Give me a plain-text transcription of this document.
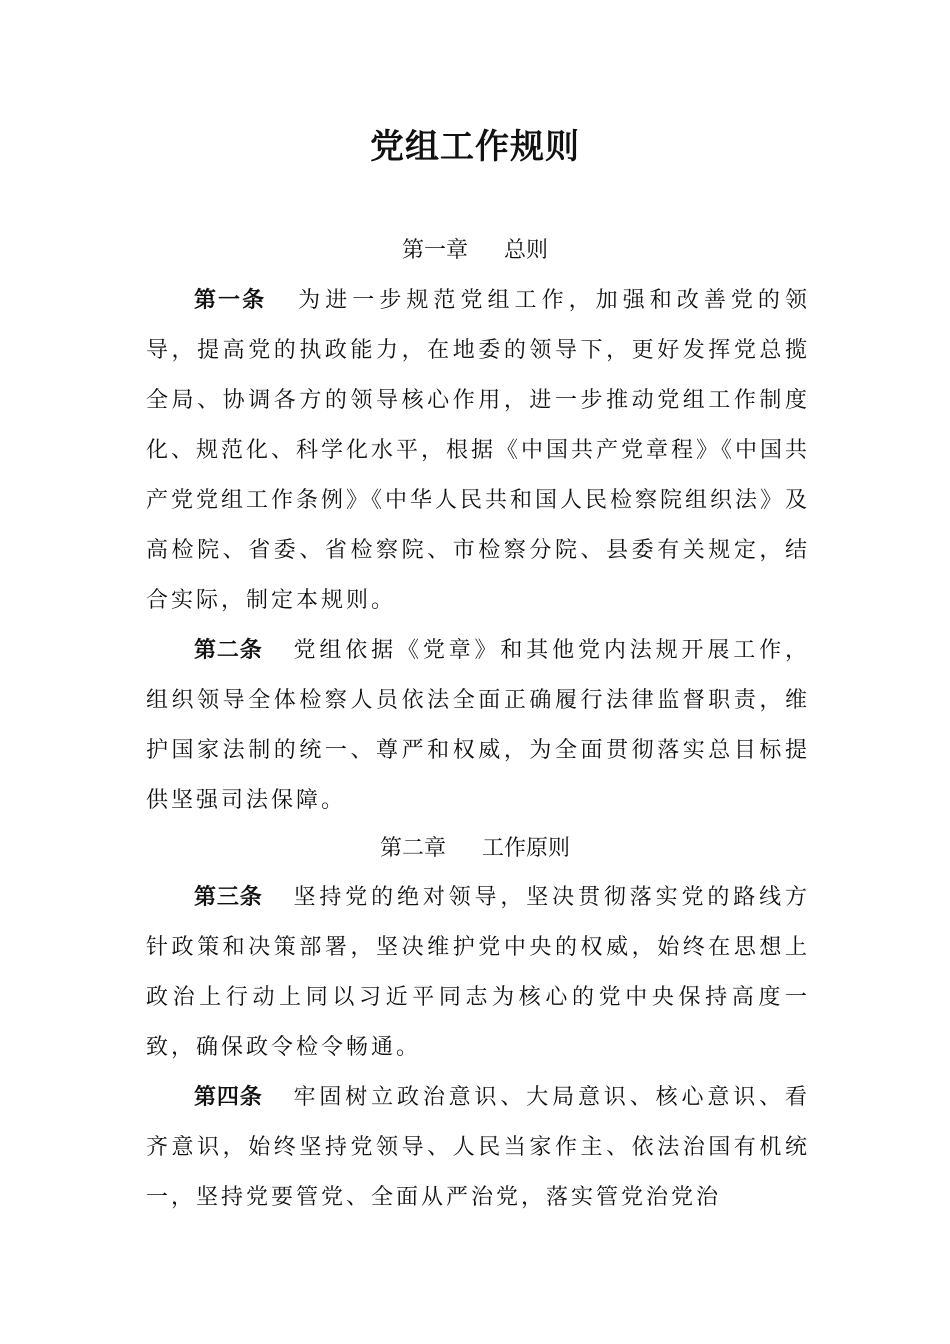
党组工作规则
第一章 总则

第一条 为进一步规范党组工作，加强和改善党的领导，提高党的执政能力，在地委的领导下，更好发挥党总揽全局、协调各方的领导核心作用，进一步推动党组工作制度化、规范化、科学化水平，根据《中国共产党章程》《中国共产党党组工作条例》《中华人民共和国人民检察院组织法》及高检院、省委、省检察院、市检察分院、县委有关规定，结合实际，制定本规则。

第二条 党组依据《党章》和其他党内法规开展工作，组织领导全体检察人员依法全面正确履行法律监督职责，维护国家法制的统一、尊严和权威，为全面贯彻落实总目标提供坚强司法保障。

第二章 工作原则

第三条 坚持党的绝对领导，坚决贯彻落实党的路线方针政策和决策部署，坚决维护党中央的权威，始终在思想上政治上行动上同以习近平同志为核心的党中央保持高度一致，确保政令检令畅通。

第四条 牢固树立政治意识、大局意识、核心意识、看齐意识，始终坚持党领导、人民当家作主、依法治国有机统一，坚持党要管党、全面从严治党，落实管党治党治
